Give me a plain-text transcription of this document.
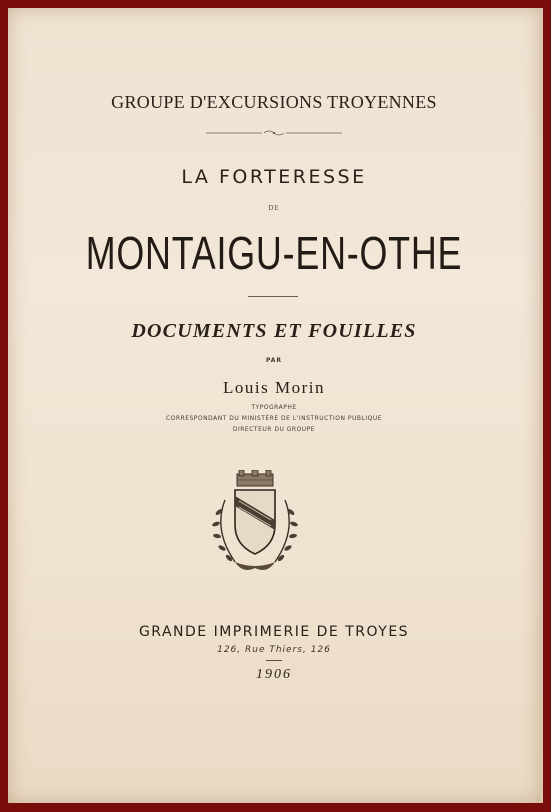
GROUPE D'EXCURSIONS TROYENNES
LA FORTERESSE
DE
MONTAIGU-EN-OTHE
DOCUMENTS ET FOUILLES
PAR
Louis Morin
TYPOGRAPHE
CORRESPONDANT DU MINISTÈRE DE L'INSTRUCTION PUBLIQUE
DIRECTEUR DU GROUPE
GRANDE IMPRIMERIE DE TROYES
126, Rue Thiers, 126
1906
